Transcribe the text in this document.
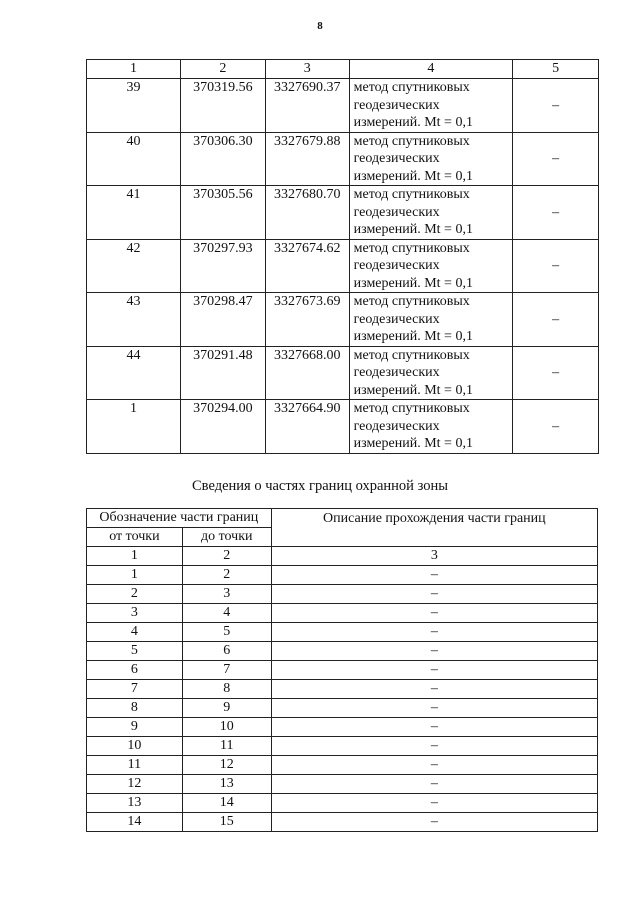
8
1	2	3	4	5
39	370319.56	3327690.37	метод спутниковых
геодезических
измерений. Mt = 0,1	–
40	370306.30	3327679.88	метод спутниковых
геодезических
измерений. Mt = 0,1	–
41	370305.56	3327680.70	метод спутниковых
геодезических
измерений. Mt = 0,1	–
42	370297.93	3327674.62	метод спутниковых
геодезических
измерений. Mt = 0,1	–
43	370298.47	3327673.69	метод спутниковых
геодезических
измерений. Mt = 0,1	–
44	370291.48	3327668.00	метод спутниковых
геодезических
измерений. Mt = 0,1	–
1	370294.00	3327664.90	метод спутниковых
геодезических
измерений. Mt = 0,1	–
Сведения о частях границ охранной зоны
Обозначение части границ		Описание прохождения части границ
от точки	до точки	
1	2	3
1	2	–
2	3	–
3	4	–
4	5	–
5	6	–
6	7	–
7	8	–
8	9	–
9	10	–
10	11	–
11	12	–
12	13	–
13	14	–
14	15	–
